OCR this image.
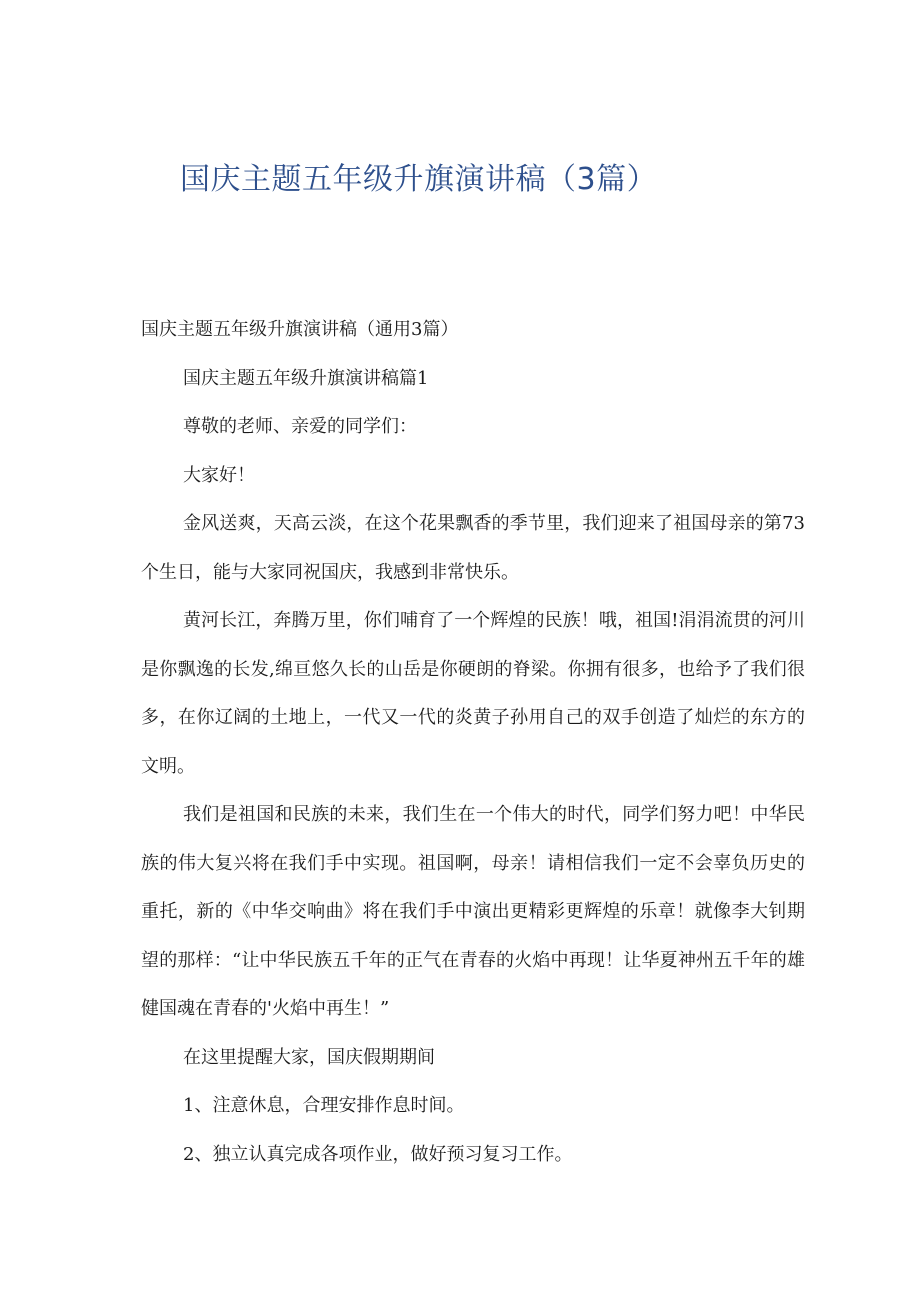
国庆主题五年级升旗演讲稿（3篇）

国庆主题五年级升旗演讲稿（通用3篇）

国庆主题五年级升旗演讲稿篇1

尊敬的老师、亲爱的同学们：

大家好！

金风送爽，天高云淡，在这个花果飘香的季节里，我们迎来了祖国母亲的第73个生日，能与大家同祝国庆，我感到非常快乐。

黄河长江，奔腾万里，你们哺育了一个辉煌的民族！哦，祖国!涓涓流贯的河川是你飘逸的长发,绵亘悠久长的山岳是你硬朗的脊梁。你拥有很多，也给予了我们很多，在你辽阔的土地上，一代又一代的炎黄子孙用自己的双手创造了灿烂的东方的文明。

我们是祖国和民族的未来，我们生在一个伟大的时代，同学们努力吧！中华民族的伟大复兴将在我们手中实现。祖国啊，母亲！请相信我们一定不会辜负历史的重托，新的《中华交响曲》将在我们手中演出更精彩更辉煌的乐章！就像李大钊期望的那样：“让中华民族五千年的正气在青春的火焰中再现！让华夏神州五千年的雄健国魂在青春的'火焰中再生！”

在这里提醒大家，国庆假期期间

1、注意休息，合理安排作息时间。

2、独立认真完成各项作业，做好预习复习工作。
